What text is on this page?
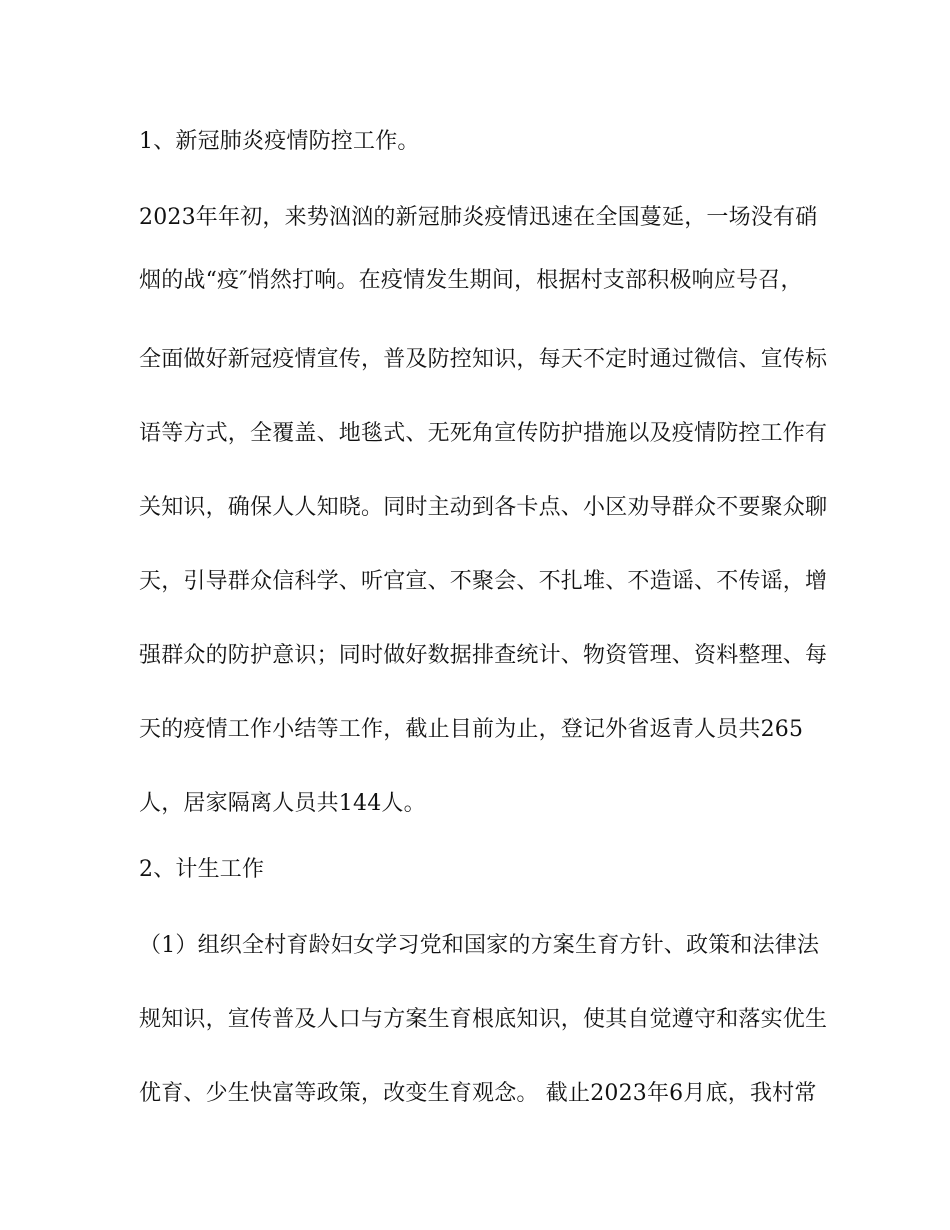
1、新冠肺炎疫情防控工作。
2023年年初，来势汹汹的新冠肺炎疫情迅速在全国蔓延，一场没有硝
烟的战“疫″悄然打响。在疫情发生期间，根据村支部积极响应号召，
全面做好新冠疫情宣传，普及防控知识，每天不定时通过微信、宣传标
语等方式，全覆盖、地毯式、无死角宣传防护措施以及疫情防控工作有
关知识，确保人人知晓。同时主动到各卡点、小区劝导群众不要聚众聊
天，引导群众信科学、听官宣、不聚会、不扎堆、不造谣、不传谣，增
强群众的防护意识；同时做好数据排查统计、物资管理、资料整理、每
天的疫情工作小结等工作，截止目前为止，登记外省返青人员共265
人，居家隔离人员共144人。
2、计生工作
（1）组织全村育龄妇女学习党和国家的方案生育方针、政策和法律法
规知识，宣传普及人口与方案生育根底知识，使其自觉遵守和落实优生
优育、少生快富等政策，改变生育观念。 截止2023年6月底，我村常
